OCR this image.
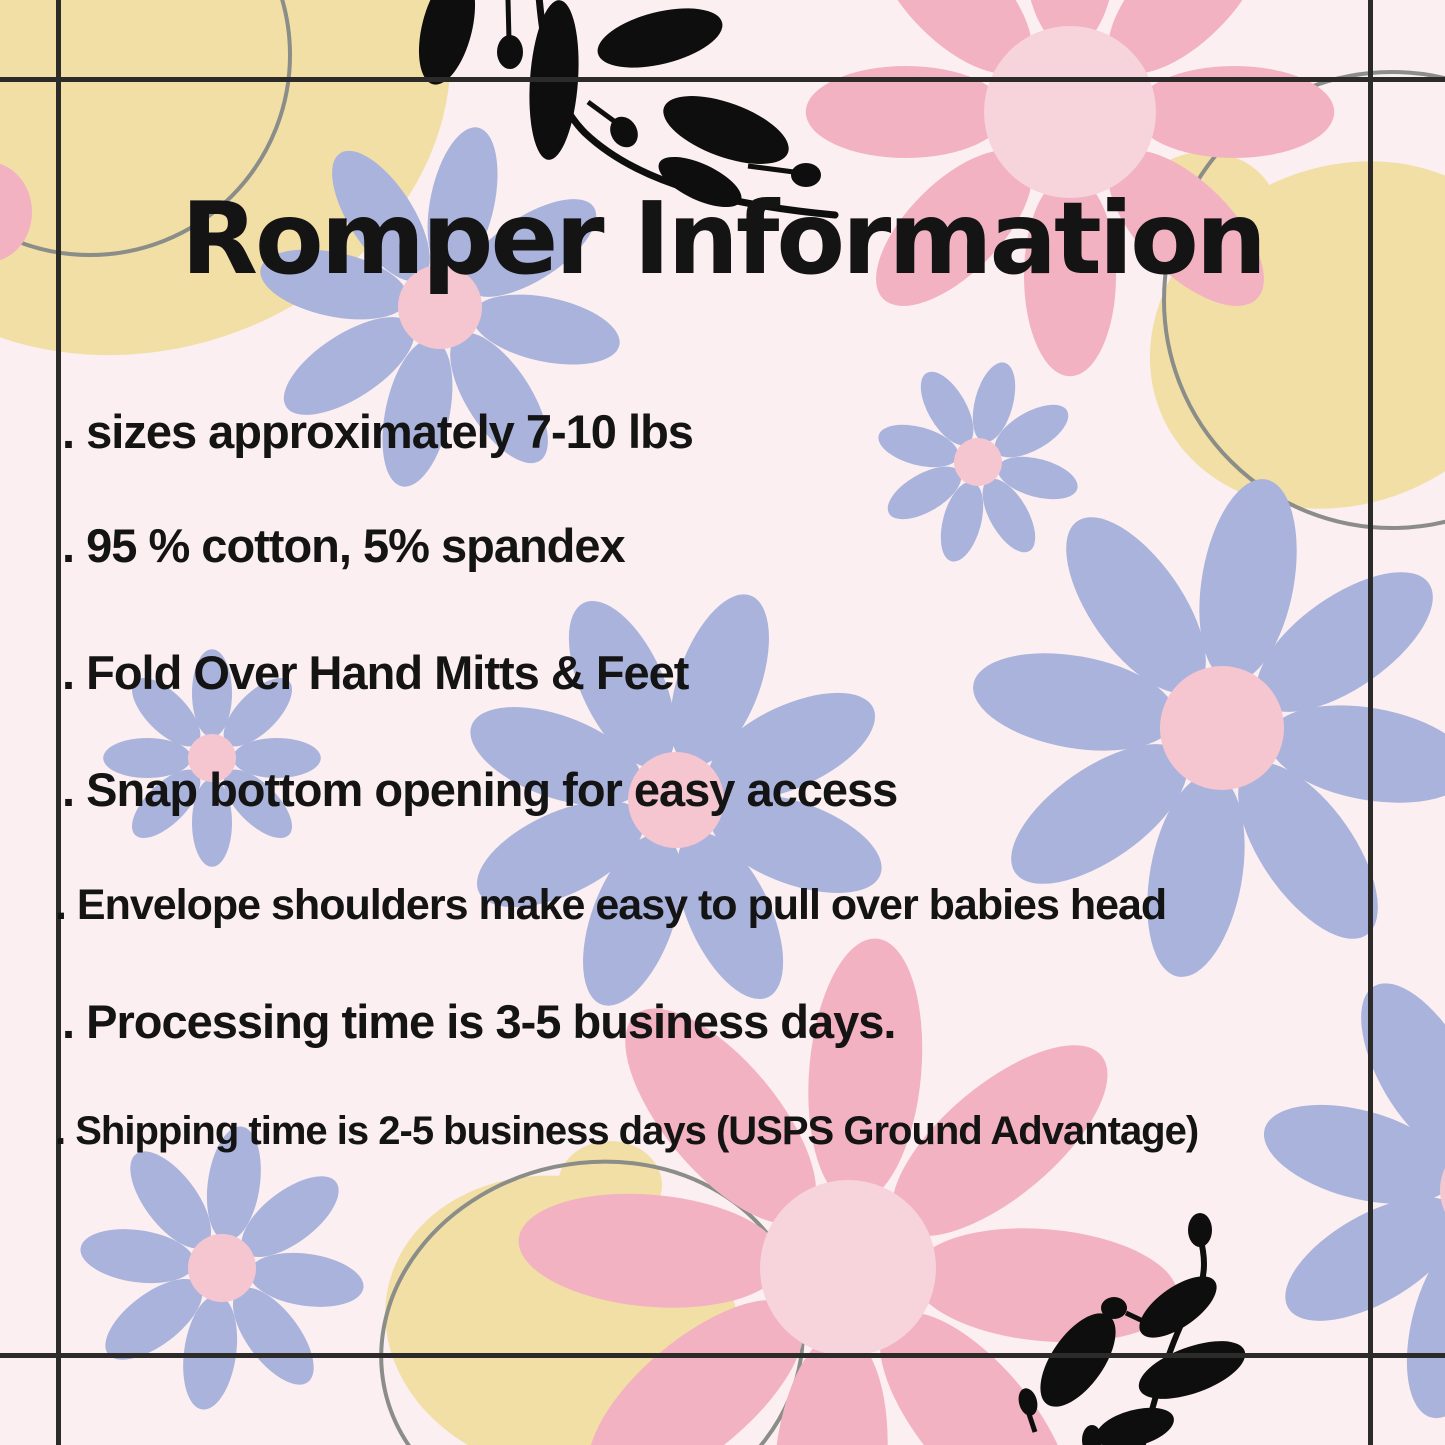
Romper Information
. sizes approximately 7-10 lbs
. 95 % cotton, 5% spandex
. Fold Over Hand Mitts & Feet
. Snap bottom opening for easy access
. Envelope shoulders make easy to pull over babies head
. Processing time is 3-5 business days.
. Shipping time is 2-5 business days (USPS Ground Advantage)
